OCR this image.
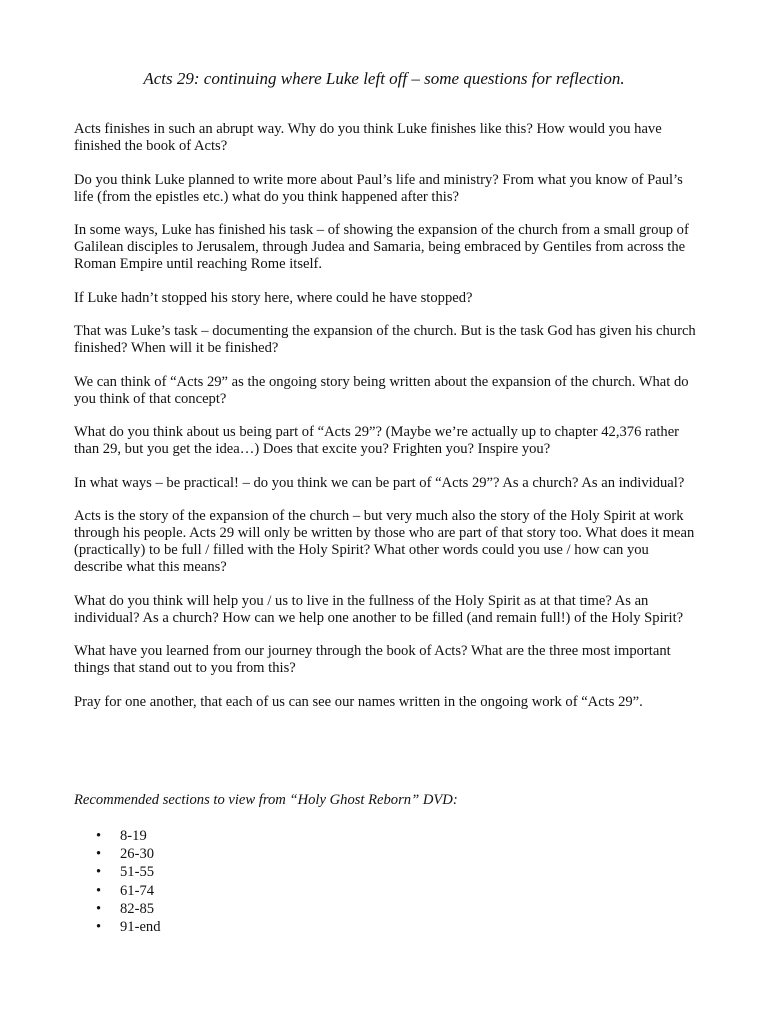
Acts 29: continuing where Luke left off – some questions for reflection.

Acts finishes in such an abrupt way. Why do you think Luke finishes like this? How would you have finished the book of Acts?

Do you think Luke planned to write more about Paul’s life and ministry? From what you know of Paul’s life (from the epistles etc.) what do you think happened after this?

In some ways, Luke has finished his task – of showing the expansion of the church from a small group of Galilean disciples to Jerusalem, through Judea and Samaria, being embraced by Gentiles from across the Roman Empire until reaching Rome itself.

If Luke hadn’t stopped his story here, where could he have stopped?

That was Luke’s task – documenting the expansion of the church. But is the task God has given his church finished? When will it be finished?

We can think of “Acts 29” as the ongoing story being written about the expansion of the church. What do you think of that concept?

What do you think about us being part of “Acts 29”? (Maybe we’re actually up to chapter 42,376 rather than 29, but you get the idea…) Does that excite you? Frighten you? Inspire you?

In what ways – be practical! – do you think we can be part of “Acts 29”? As a church? As an individual?

Acts is the story of the expansion of the church – but very much also the story of the Holy Spirit at work through his people. Acts 29 will only be written by those who are part of that story too. What does it mean (practically) to be full / filled with the Holy Spirit? What other words could you use / how can you describe what this means?

What do you think will help you / us to live in the fullness of the Holy Spirit as at that time? As an individual? As a church? How can we help one another to be filled (and remain full!) of the Holy Spirit?

What have you learned from our journey through the book of Acts? What are the three most important things that stand out to you from this?

Pray for one another, that each of us can see our names written in the ongoing work of “Acts 29”.

Recommended sections to view from “Holy Ghost Reborn” DVD:

• 8-19
• 26-30
• 51-55
• 61-74
• 82-85
• 91-end
